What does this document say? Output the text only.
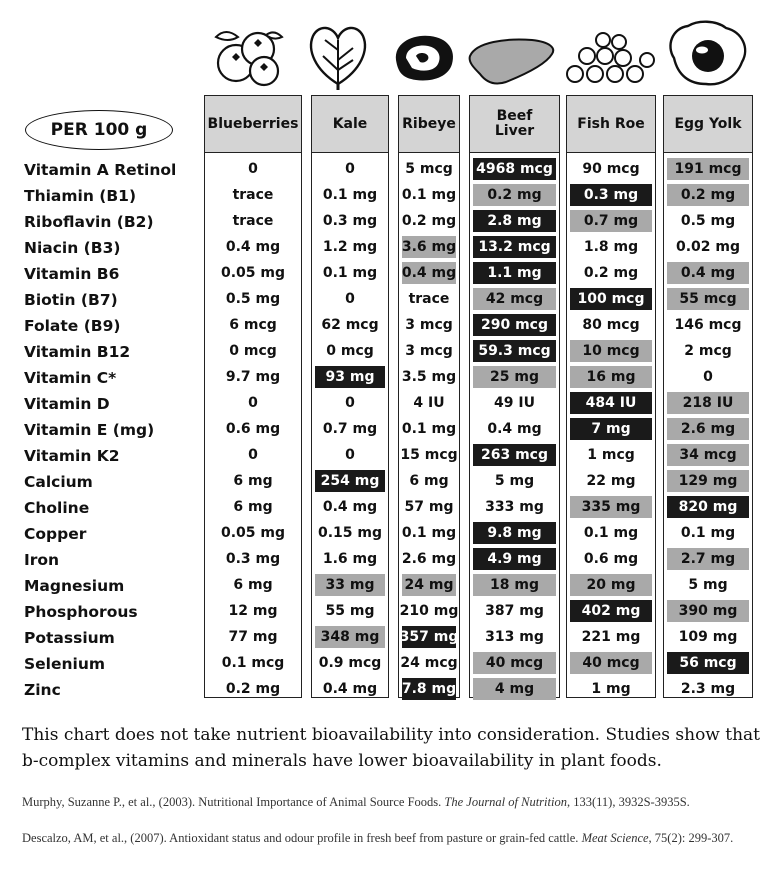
PER 100 g
Vitamin A Retinol
Thiamin (B1)
Riboflavin (B2)
Niacin (B3)
Vitamin B6
Biotin (B7)
Folate (B9)
Vitamin B12
Vitamin C*
Vitamin D
Vitamin E (mg)
Vitamin K2
Calcium
Choline
Copper
Iron
Magnesium
Phosphorous
Potassium
Selenium
Zinc
Blueberries
0
trace
trace
0.4 mg
0.05 mg
0.5 mg
6 mcg
0 mcg
9.7 mg
0
0.6 mg
0
6 mg
6 mg
0.05 mg
0.3 mg
6 mg
12 mg
77 mg
0.1 mcg
0.2 mg
Kale
0
0.1 mg
0.3 mg
1.2 mg
0.1 mg
0
62 mcg
0 mcg
93 mg
0
0.7 mg
0
254 mg
0.4 mg
0.15 mg
1.6 mg
33 mg
55 mg
348 mg
0.9 mcg
0.4 mg
Ribeye
5 mcg
0.1 mg
0.2 mg
3.6 mg
0.4 mg
trace
3 mcg
3 mcg
3.5 mg
4 IU
0.1 mg
15 mcg
6 mg
57 mg
0.1 mg
2.6 mg
24 mg
210 mg
357 mg
24 mcg
7.8 mg
Beef
Liver
4968 mcg
0.2 mg
2.8 mg
13.2 mcg
1.1 mg
42 mcg
290 mcg
59.3 mcg
25 mg
49 IU
0.4 mg
263 mcg
5 mg
333 mg
9.8 mg
4.9 mg
18 mg
387 mg
313 mg
40 mcg
4 mg
Fish Roe
90 mcg
0.3 mg
0.7 mg
1.8 mg
0.2 mg
100 mcg
80 mcg
10 mcg
16 mg
484 IU
7 mg
1 mcg
22 mg
335 mg
0.1 mg
0.6 mg
20 mg
402 mg
221 mg
40 mcg
1 mg
Egg Yolk
191 mcg
0.2 mg
0.5 mg
0.02 mg
0.4 mg
55 mcg
146 mcg
2 mcg
0
218 IU
2.6 mg
34 mcg
129 mg
820 mg
0.1 mg
2.7 mg
5 mg
390 mg
109 mg
56 mcg
2.3 mg
This chart does not take nutrient bioavailability into consideration. Studies show that b-complex vitamins and minerals have lower bioavailability in plant foods.
Murphy, Suzanne P., et al., (2003). Nutritional Importance of Animal Source Foods. The Journal of Nutrition, 133(11), 3932S-3935S.
Descalzo, AM, et al., (2007). Antioxidant status and odour profile in fresh beef from pasture or grain-fed cattle. Meat Science, 75(2): 299-307.
